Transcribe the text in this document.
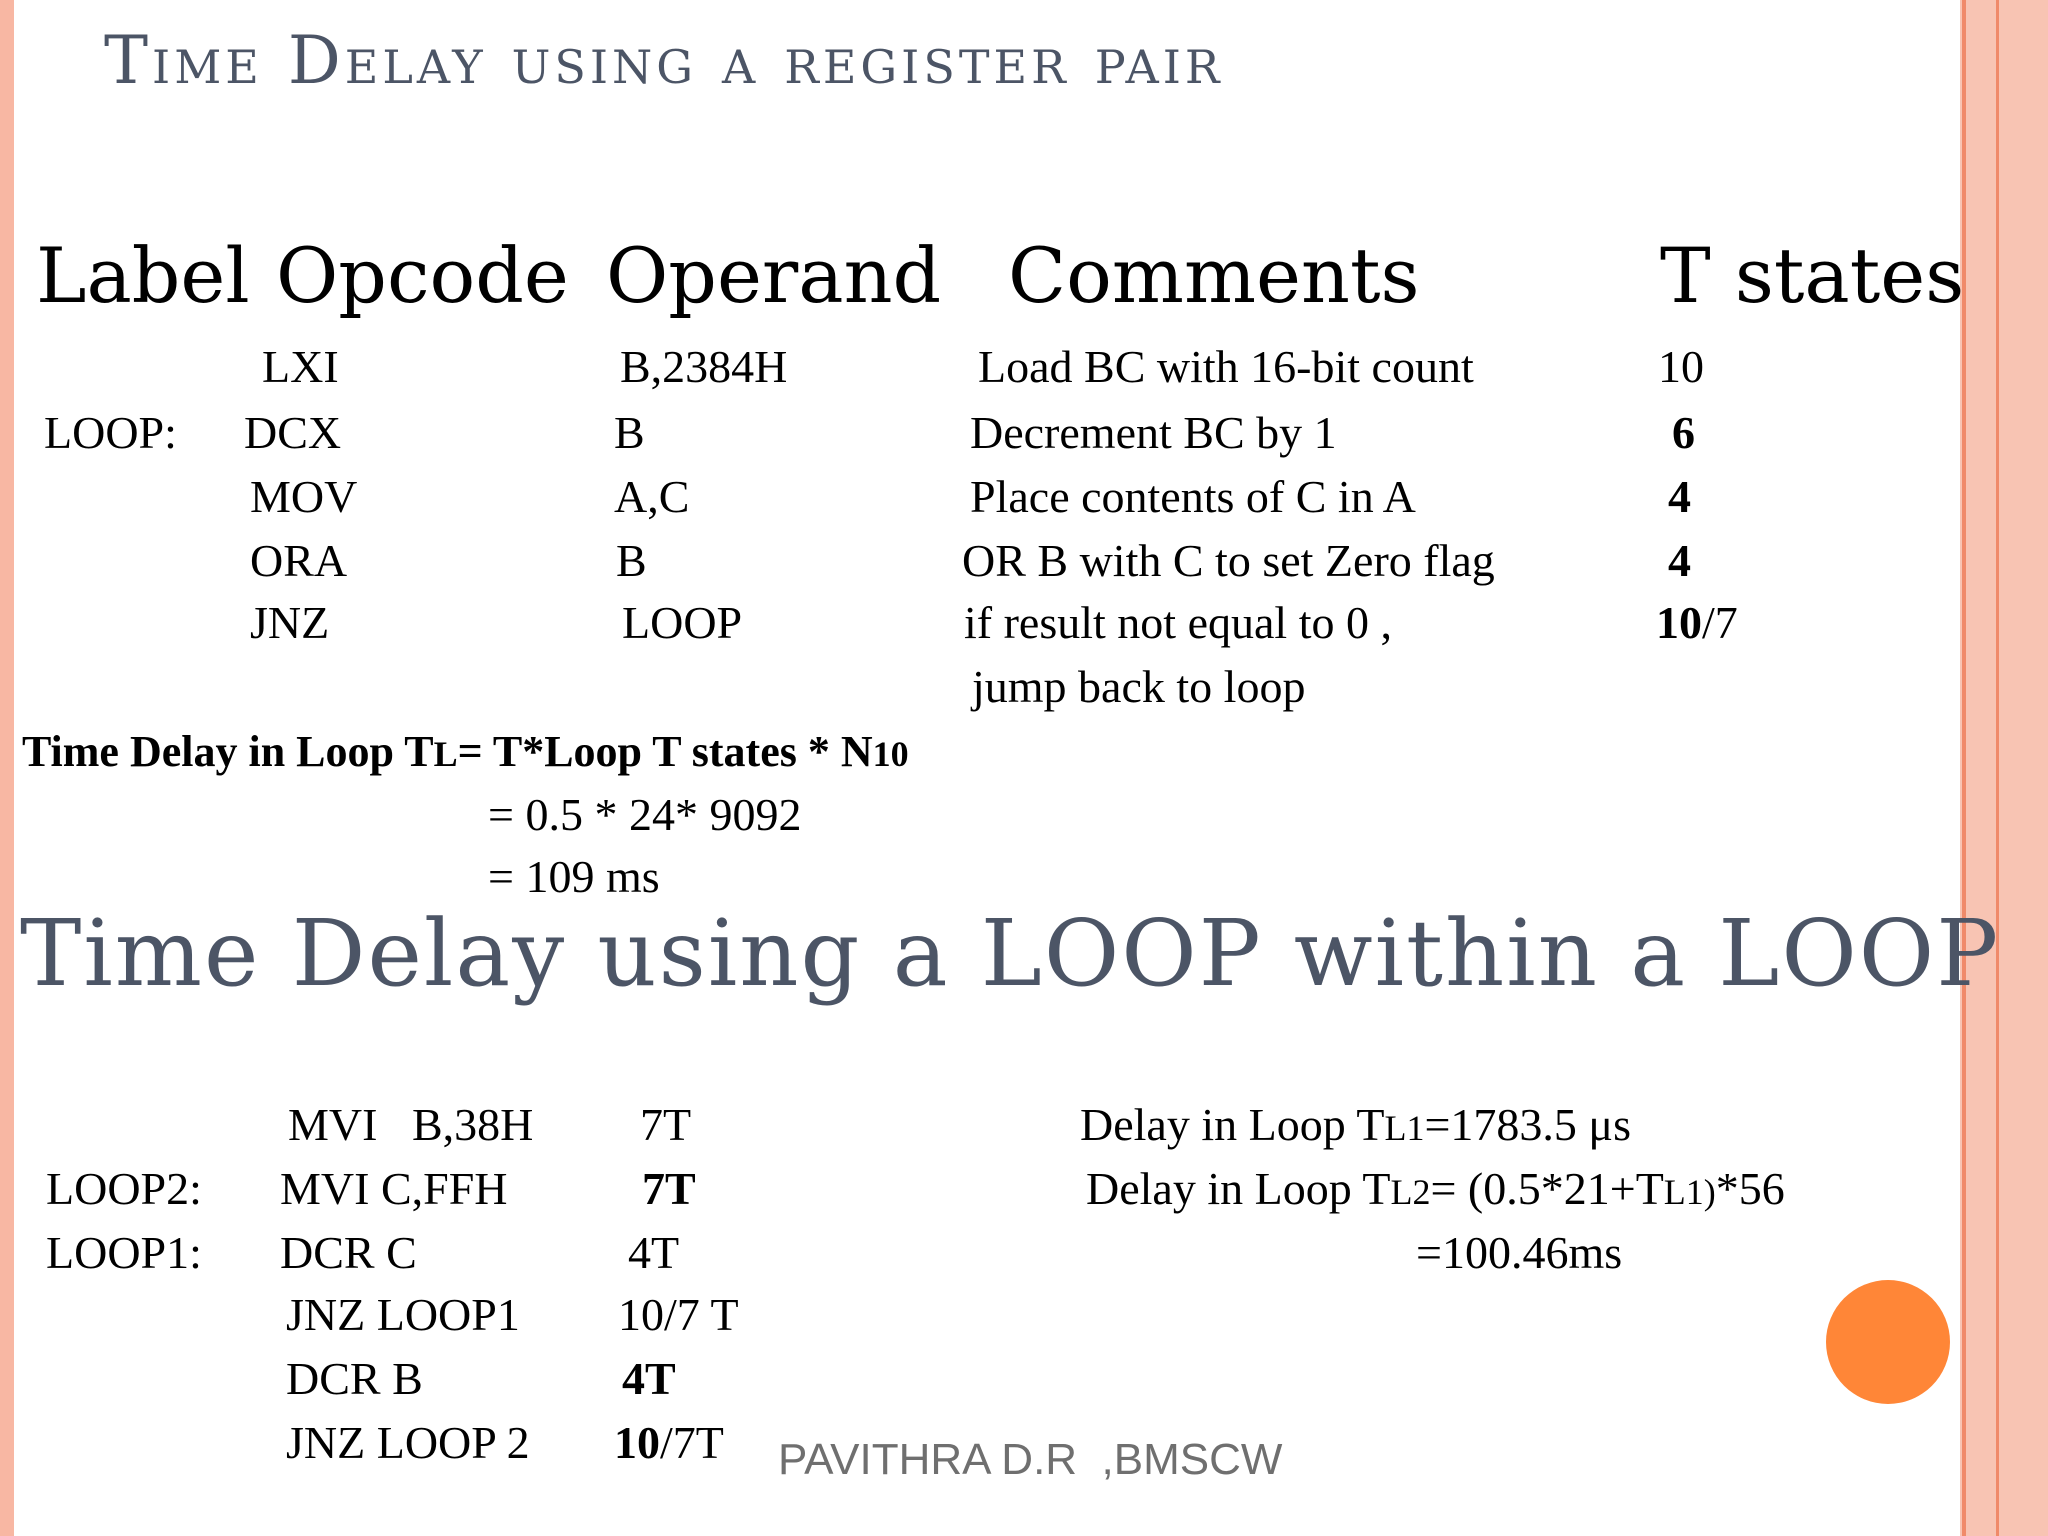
Time Delay using a register pair
Label Opcode Operand Comments	T states
LXI	B,2384H	Load BC with 16-bit count	10
LOOP: DCX	B	Decrement BC by 1	6
MOV	A,C	Place contents of C in A	4
ORA	B	OR B with C to set Zero flag	4
JNZ	LOOP	if result not equal to 0 ,	10/7
jump back to loop
Time Delay in Loop TL= T*Loop T states * N10
= 0.5 * 24* 9092
= 109 ms
Time Delay using a LOOP within a LOOP
MVI   B,38H 7T
LOOP2: MVI C,FFH	7T
LOOP1: DCR C	4T
JNZ LOOP1 10/7 T
DCR B	4T
JNZ LOOP 2 10/7T
Delay in Loop TL1=1783.5 μs
Delay in Loop TL2= (0.5*21+TL1)*56
=100.46ms
PAVITHRA D.R  ,BMSCW
